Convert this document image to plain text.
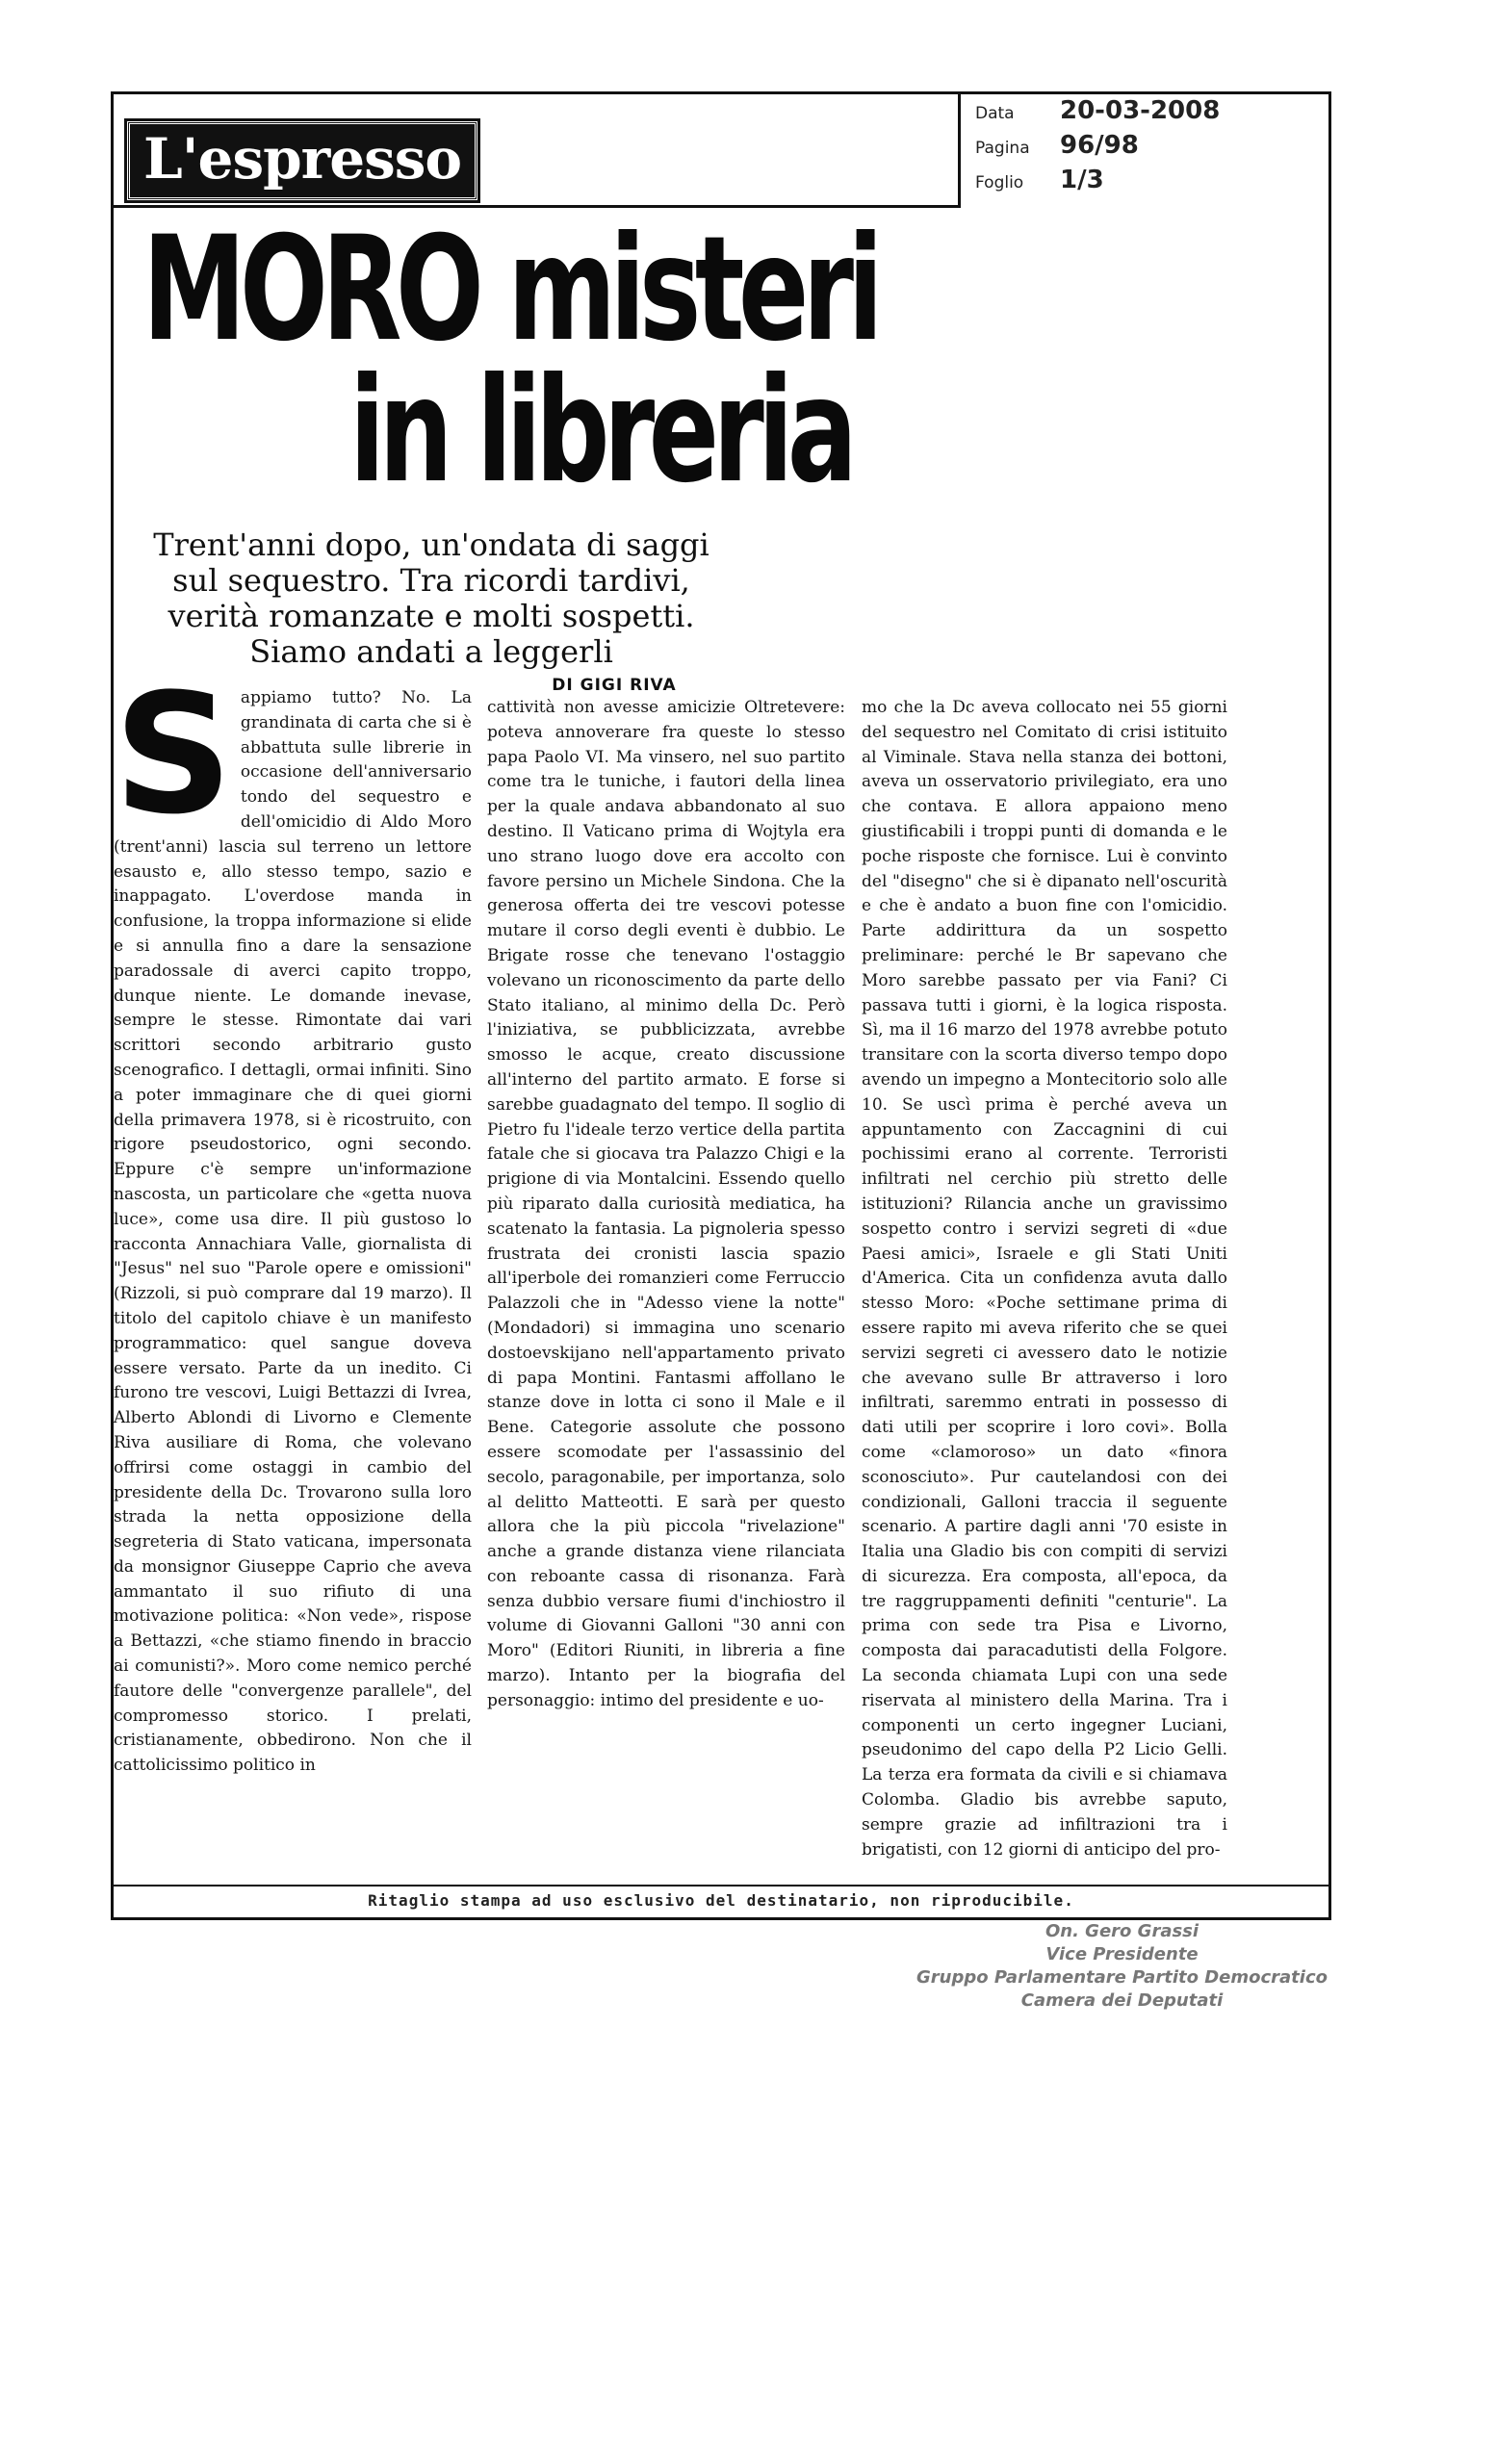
L'espresso
Data	20-03-2008
Pagina	96/98
Foglio	1/3
MORO misteri
in libreria
Trent'anni dopo, un'ondata di saggi sul sequestro. Tra ricordi tardivi, verità romanzate e molti sospetti. Siamo andati a leggerli
DI GIGI RIVA
Sappiamo tutto? No. La grandinata di carta che si è abbattuta sulle librerie in occasione dell'anniversario tondo del sequestro e dell'omicidio di Aldo Moro (trent'anni) lascia sul terreno un lettore esausto e, allo stesso tempo, sazio e inappagato. L'overdose manda in confusione, la troppa informazione si elide e si annulla fino a dare la sensazione paradossale di averci capito troppo, dunque niente. Le domande inevase, sempre le stesse. Rimontate dai vari scrittori secondo arbitrario gusto scenografico. I dettagli, ormai infiniti. Sino a poter immaginare che di quei giorni della primavera 1978, si è ricostruito, con rigore pseudostorico, ogni secondo. Eppure c'è sempre un'informazione nascosta, un particolare che «getta nuova luce», come usa dire. Il più gustoso lo racconta Annachiara Valle, giornalista di "Jesus" nel suo "Parole opere e omissioni" (Rizzoli, si può comprare dal 19 marzo). Il titolo del capitolo chiave è un manifesto programmatico: quel sangue doveva essere versato. Parte da un inedito. Ci furono tre vescovi, Luigi Bettazzi di Ivrea, Alberto Ablondi di Livorno e Clemente Riva ausiliare di Roma, che volevano offrirsi come ostaggi in cambio del presidente della Dc. Trovarono sulla loro strada la netta opposizione della segreteria di Stato vaticana, impersonata da monsignor Giuseppe Caprio che aveva ammantato il suo rifiuto di una motivazione politica: «Non vede», rispose a Bettazzi, «che stiamo finendo in braccio ai comunisti?». Moro come nemico perché fautore delle "convergenze parallele", del compromesso storico. I prelati, cristianamente, obbedirono. Non che il cattolicissimo politico in
cattività non avesse amicizie Oltretevere: poteva annoverare fra queste lo stesso papa Paolo VI. Ma vinsero, nel suo partito come tra le tuniche, i fautori della linea per la quale andava abbandonato al suo destino. Il Vaticano prima di Wojtyla era uno strano luogo dove era accolto con favore persino un Michele Sindona. Che la generosa offerta dei tre vescovi potesse mutare il corso degli eventi è dubbio. Le Brigate rosse che tenevano l'ostaggio volevano un riconoscimento da parte dello Stato italiano, al minimo della Dc. Però l'iniziativa, se pubblicizzata, avrebbe smosso le acque, creato discussione all'interno del partito armato. E forse si sarebbe guadagnato del tempo. Il soglio di Pietro fu l'ideale terzo vertice della partita fatale che si giocava tra Palazzo Chigi e la prigione di via Montalcini. Essendo quello più riparato dalla curiosità mediatica, ha scatenato la fantasia. La pignoleria spesso frustrata dei cronisti lascia spazio all'iperbole dei romanzieri come Ferruccio Palazzoli che in "Adesso viene la notte" (Mondadori) si immagina uno scenario dostoevskijano nell'appartamento privato di papa Montini. Fantasmi affollano le stanze dove in lotta ci sono il Male e il Bene. Categorie assolute che possono essere scomodate per l'assassinio del secolo, paragonabile, per importanza, solo al delitto Matteotti. E sarà per questo allora che la più piccola "rivelazione" anche a grande distanza viene rilanciata con reboante cassa di risonanza. Farà senza dubbio versare fiumi d'inchiostro il volume di Giovanni Galloni "30 anni con Moro" (Editori Riuniti, in libreria a fine marzo). Intanto per la biografia del personaggio: intimo del presidente e uo-
mo che la Dc aveva collocato nei 55 giorni del sequestro nel Comitato di crisi istituito al Viminale. Stava nella stanza dei bottoni, aveva un osservatorio privilegiato, era uno che contava. E allora appaiono meno giustificabili i troppi punti di domanda e le poche risposte che fornisce. Lui è convinto del "disegno" che si è dipanato nell'oscurità e che è andato a buon fine con l'omicidio. Parte addirittura da un sospetto preliminare: perché le Br sapevano che Moro sarebbe passato per via Fani? Ci passava tutti i giorni, è la logica risposta. Sì, ma il 16 marzo del 1978 avrebbe potuto transitare con la scorta diverso tempo dopo avendo un impegno a Montecitorio solo alle 10. Se uscì prima è perché aveva un appuntamento con Zaccagnini di cui pochissimi erano al corrente. Terroristi infiltrati nel cerchio più stretto delle istituzioni? Rilancia anche un gravissimo sospetto contro i servizi segreti di «due Paesi amici», Israele e gli Stati Uniti d'America. Cita un confidenza avuta dallo stesso Moro: «Poche settimane prima di essere rapito mi aveva riferito che se quei servizi segreti ci avessero dato le notizie che avevano sulle Br attraverso i loro infiltrati, saremmo entrati in possesso di dati utili per scoprire i loro covi». Bolla come «clamoroso» un dato «finora sconosciuto». Pur cautelandosi con dei condizionali, Galloni traccia il seguente scenario. A partire dagli anni '70 esiste in Italia una Gladio bis con compiti di servizi di sicurezza. Era composta, all'epoca, da tre raggruppamenti definiti "centurie". La prima con sede tra Pisa e Livorno, composta dai paracadutisti della Folgore. La seconda chiamata Lupi con una sede riservata al ministero della Marina. Tra i componenti un certo ingegner Luciani, pseudonimo del capo della P2 Licio Gelli. La terza era formata da civili e si chiamava Colomba. Gladio bis avrebbe saputo, sempre grazie ad infiltrazioni tra i brigatisti, con 12 giorni di anticipo del pro-
Ritaglio stampa ad uso esclusivo del destinatario, non riproducibile.
On. Gero Grassi
Vice Presidente
Gruppo Parlamentare Partito Democratico
Camera dei Deputati
